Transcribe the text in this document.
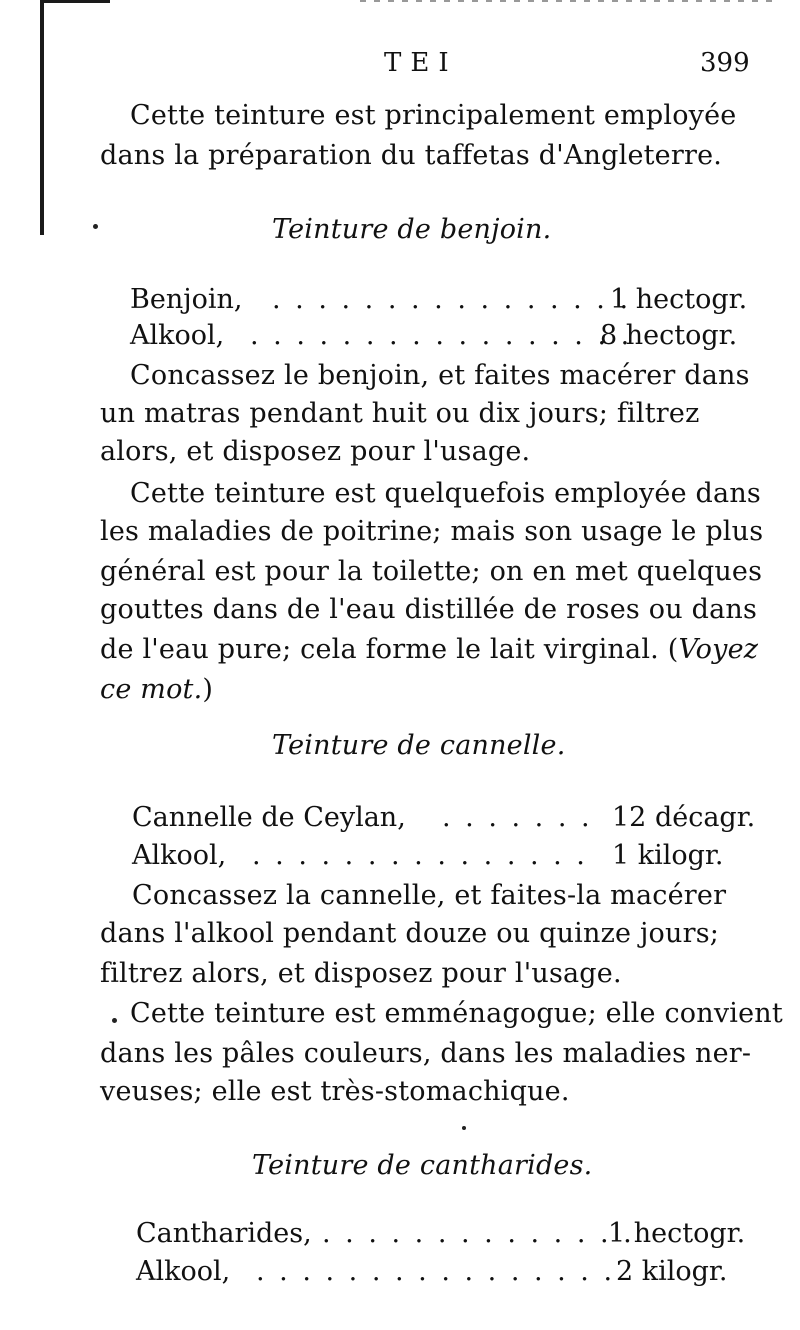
TEI	399

Cette teinture est principalement employée

dans la préparation du taffetas d'Angleterre.

Teinture de benjoin.

Benjoin, . . . . . . . . . . . . . . . .
1 hectogr.
Alkool, . . . . . . . . . . . . . . . . .
8 hectogr.

Concassez le benjoin, et faites macérer dans

un matras pendant huit ou dix jours; filtrez

alors, et disposez pour l'usage.

Cette teinture est quelquefois employée dans

les maladies de poitrine; mais son usage le plus

général est pour la toilette; on en met quelques

gouttes dans de l'eau distillée de roses ou dans

de l'eau pure; cela forme le lait virginal. (Voyez

ce mot.)

Teinture de cannelle.

Cannelle de Ceylan, . . . . . . . 12 décagr.
Alkool, . . . . . . . . . . . . . . . 1 kilogr.

Concassez la cannelle, et faites-la macérer

dans l'alkool pendant douze ou quinze jours;

filtrez alors, et disposez pour l'usage.

Cette teinture est emménagogue; elle convient

dans les pâles couleurs, dans les maladies ner-

veuses; elle est très-stomachique.

Teinture de cantharides.

Cantharides, . . . . . . . . . . . . . .
1 hectogr.
Alkool, . . . . . . . . . . . . . . . . 2 kilogr.
